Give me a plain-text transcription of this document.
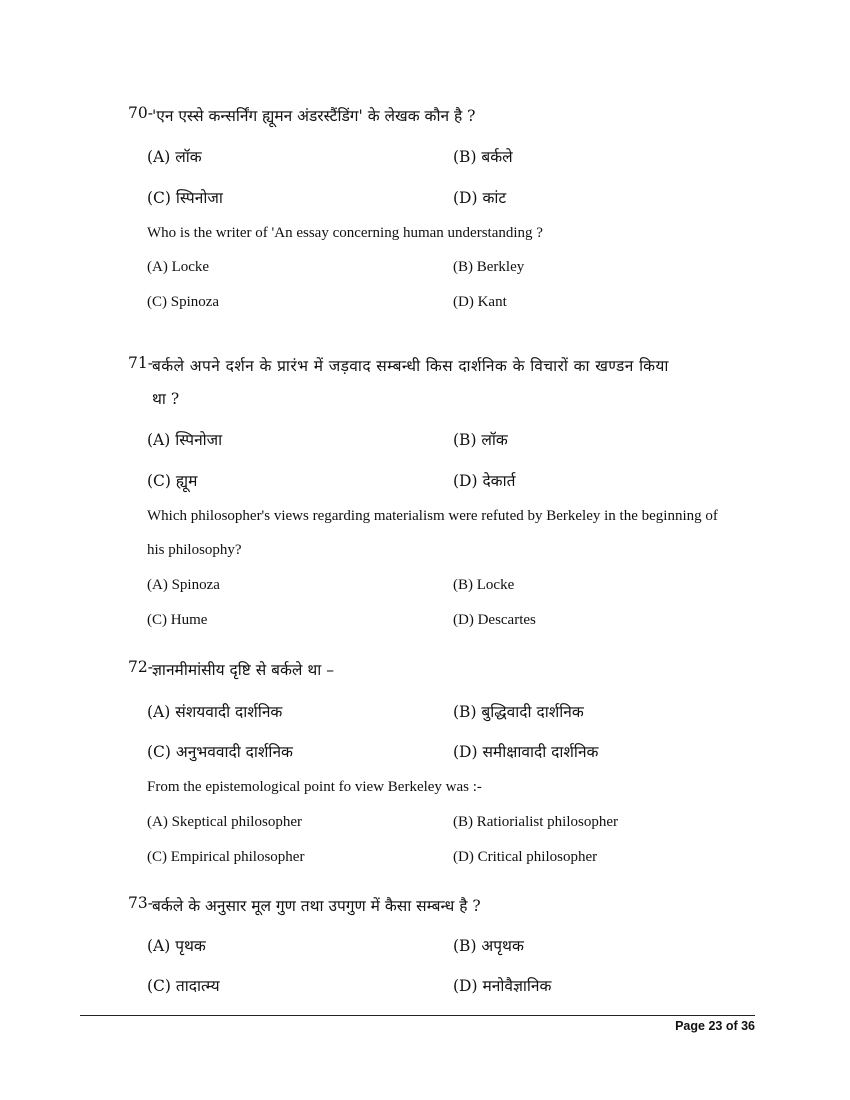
70- 'एन एस्से कन्सर्निंग ह्यूमन अंडरस्टैंडिंग' के लेखक कौन है ?
(A) लॉक	(B) बर्कले
(C) स्पिनोजा	(D) कांट
Who is the writer of 'An essay concerning human understanding ?
(A) Locke	(B) Berkley
(C) Spinoza	(D) Kant
71- बर्कले अपने दर्शन के प्रारंभ में जड़वाद सम्बन्धी किस दार्शनिक के विचारों का खण्डन किया
था ?
(A) स्पिनोजा	(B) लॉक
(C) ह्यूम	(D) देकार्त
Which philosopher's views regarding materialism were refuted by Berkeley in the beginning of
his philosophy?
(A) Spinoza	(B) Locke
(C) Hume	(D) Descartes
72- ज्ञानमीमांसीय दृष्टि से बर्कले था –
(A) संशयवादी दार्शनिक	(B) बुद्धिवादी दार्शनिक
(C) अनुभववादी दार्शनिक	(D) समीक्षावादी दार्शनिक
From the epistemological point fo view Berkeley was :-
(A) Skeptical philosopher	(B) Ratiorialist philosopher
(C) Empirical philosopher	(D) Critical philosopher
73- बर्कले के अनुसार मूल गुण तथा उपगुण में कैसा सम्बन्ध है ?
(A) पृथक	(B) अपृथक
(C) तादात्म्य	(D) मनोवैज्ञानिक
Page 23 of 36
